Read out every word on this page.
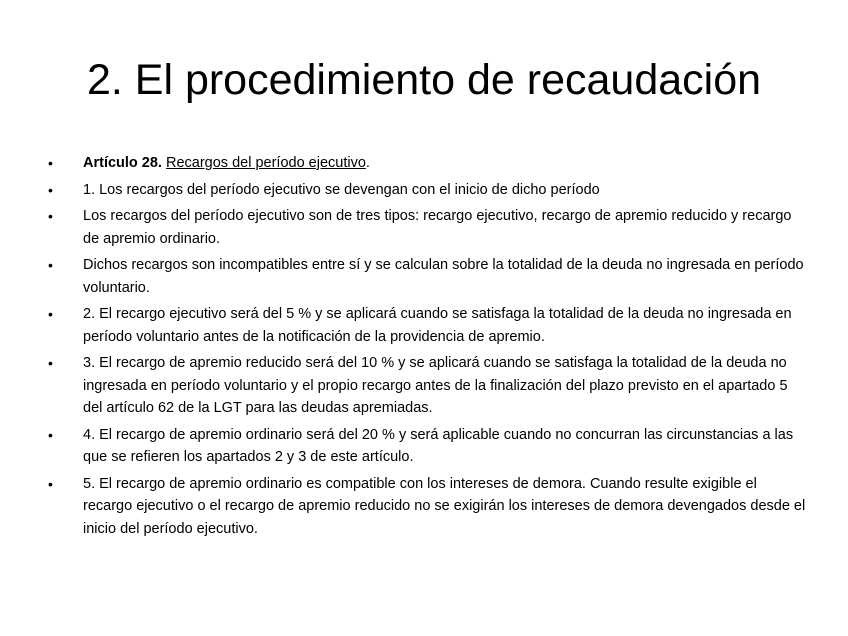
2. El procedimiento de recaudación
•	Artículo 28. Recargos del período ejecutivo.
•	1. Los recargos del período ejecutivo se devengan con el inicio de dicho período
•	Los recargos del período ejecutivo son de tres tipos: recargo ejecutivo, recargo de apremio reducido y recargo de apremio ordinario.
•	Dichos recargos son incompatibles entre sí y se calculan sobre la totalidad de la deuda no ingresada en período voluntario.
•	2. El recargo ejecutivo será del 5 % y se aplicará cuando se satisfaga la totalidad de la deuda no ingresada en período voluntario antes de la notificación de la providencia de apremio.
•	3. El recargo de apremio reducido será del 10 % y se aplicará cuando se satisfaga la totalidad de la deuda no ingresada en período voluntario y el propio recargo antes de la finalización del plazo previsto en el apartado 5 del artículo 62 de la LGT para las deudas apremiadas.
•	4. El recargo de apremio ordinario será del 20 % y será aplicable cuando no concurran las circunstancias a las que se refieren los apartados 2 y 3 de este artículo.
•	5. El recargo de apremio ordinario es compatible con los intereses de demora. Cuando resulte exigible el recargo ejecutivo o el recargo de apremio reducido no se exigirán los intereses de demora devengados desde el inicio del período ejecutivo.
